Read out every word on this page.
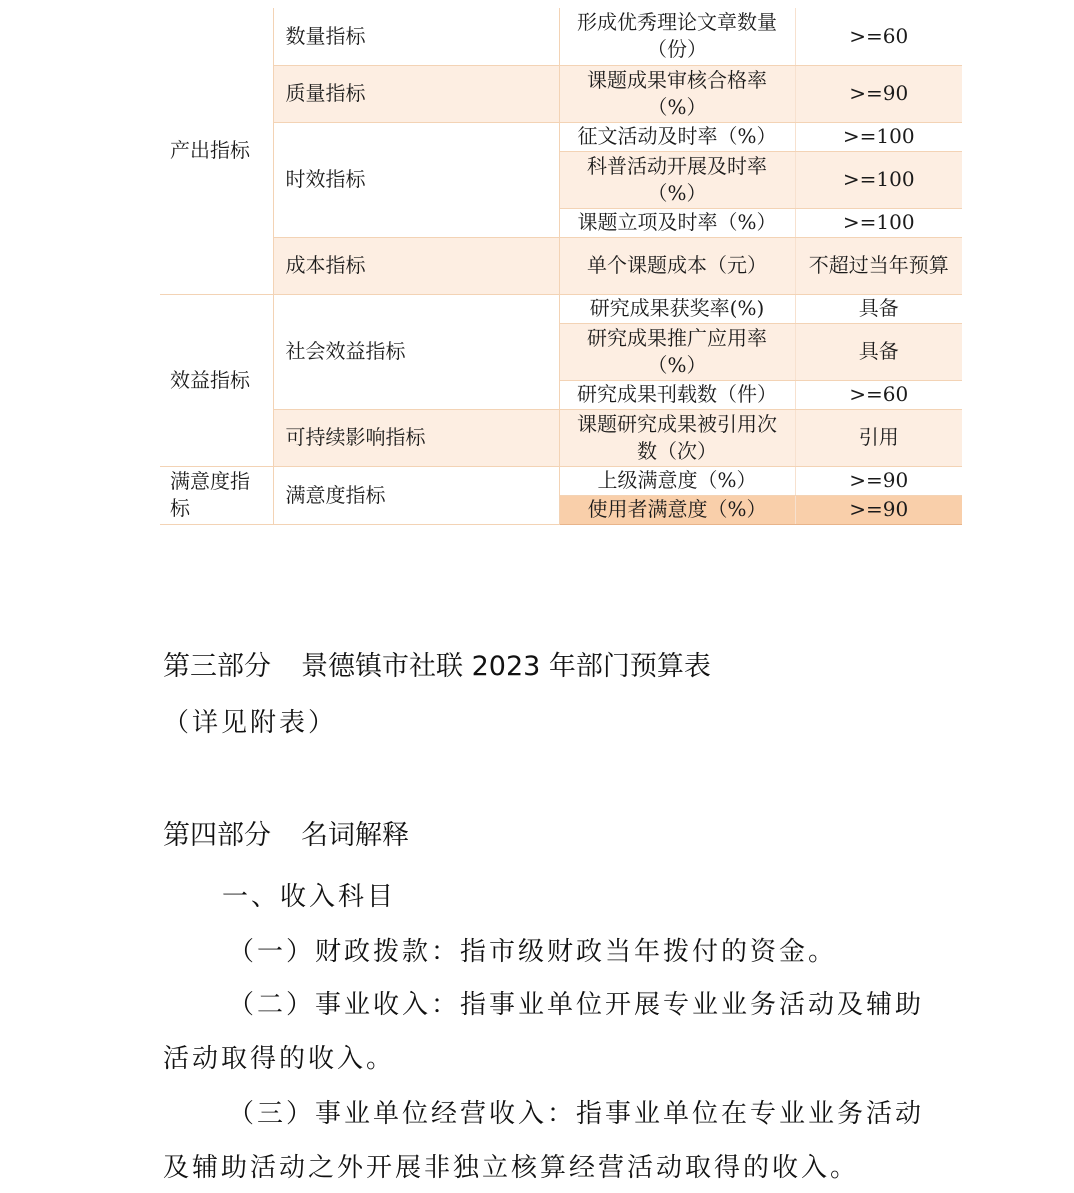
产出指标	数量指标	形成优秀理论文章数量（份）	>=60
	质量指标	课题成果审核合格率（%）	>=90
	时效指标	征文活动及时率（%）	>=100
		科普活动开展及时率（%）	>=100
		课题立项及时率（%）	>=100
	成本指标	单个课题成本（元）	不超过当年预算
效益指标	社会效益指标	研究成果获奖率(%)	具备
		研究成果推广应用率（%）	具备
		研究成果刊载数（件）	>=60
	可持续影响指标	课题研究成果被引用次数（次）	引用
满意度指标	满意度指标	上级满意度（%）	>=90
		使用者满意度（%）	>=90
第三部分 景德镇市社联 2023 年部门预算表
（详见附表）
第四部分 名词解释
一、收入科目
（一）财政拨款：指市级财政当年拨付的资金。
（二）事业收入：指事业单位开展专业业务活动及辅助
活动取得的收入。
（三）事业单位经营收入：指事业单位在专业业务活动
及辅助活动之外开展非独立核算经营活动取得的收入。
